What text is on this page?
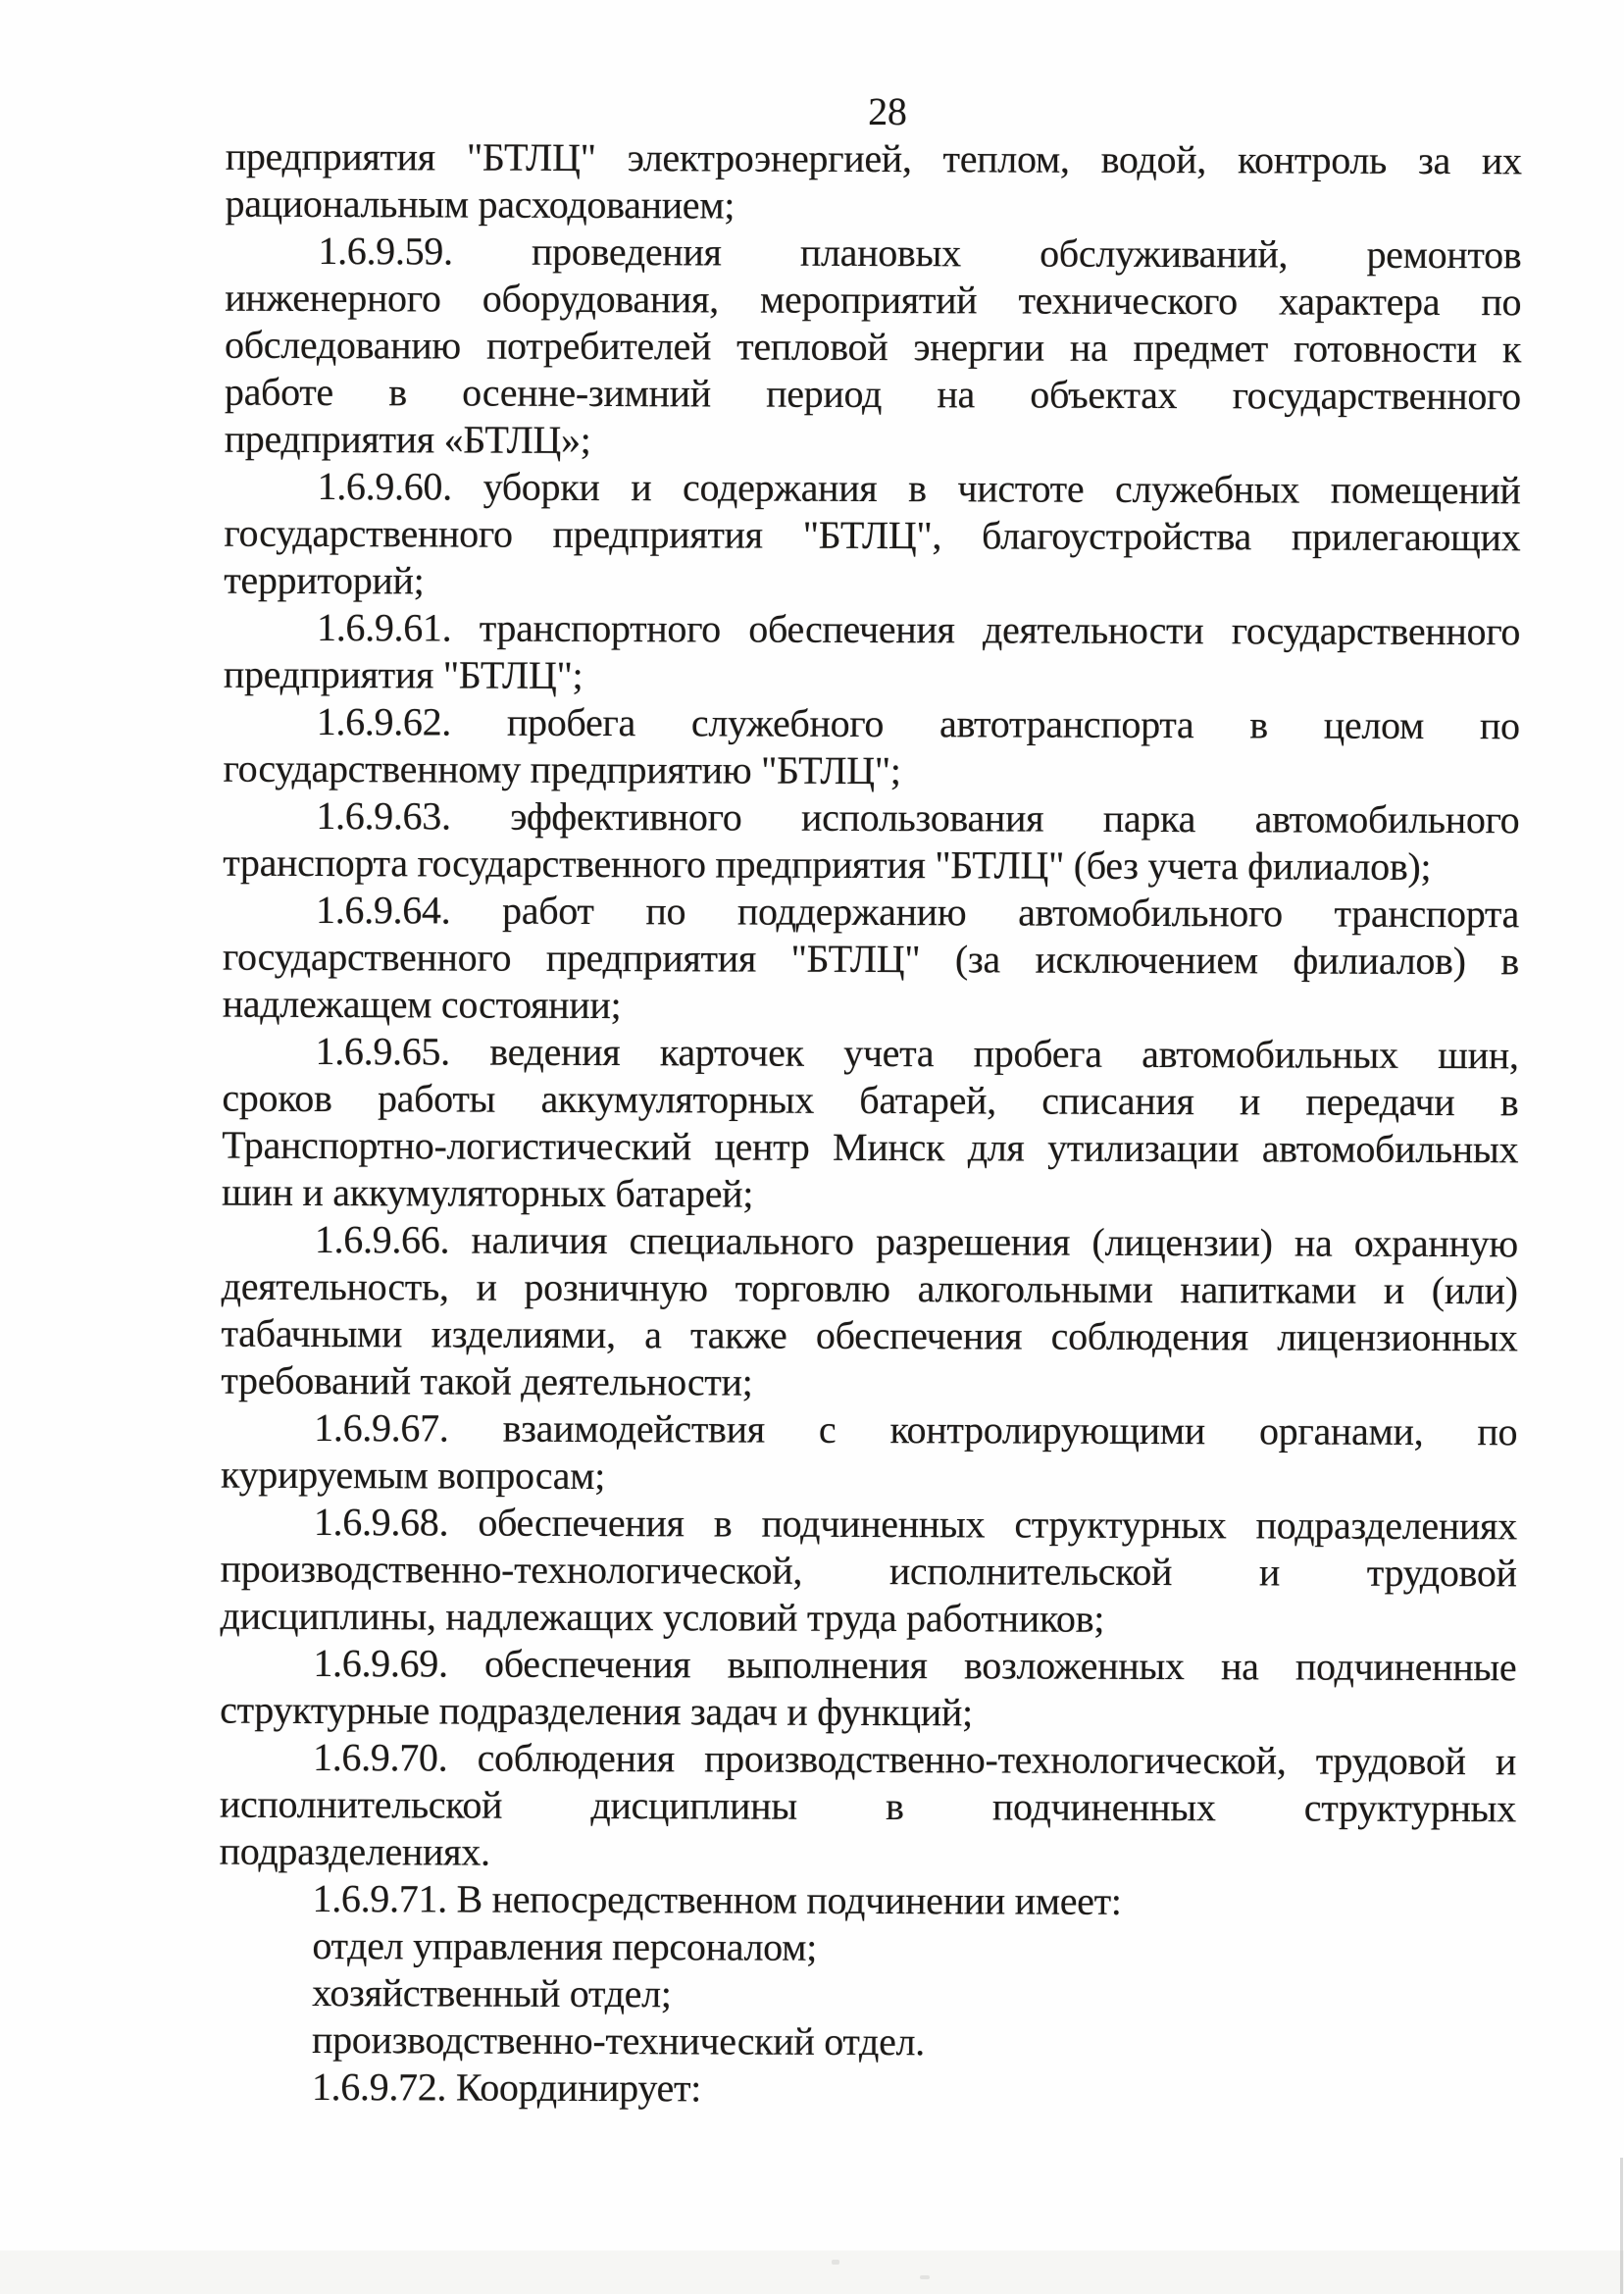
28

предприятия "БТЛЦ" электроэнергией, теплом, водой, контроль за их
рациональным расходованием;

1.6.9.59. проведения плановых обслуживаний, ремонтов
инженерного оборудования, мероприятий технического характера по
обследованию потребителей тепловой энергии на предмет готовности к
работе в осенне-зимний период на объектах государственного
предприятия «БТЛЦ»;

1.6.9.60. уборки и содержания в чистоте служебных помещений
государственного предприятия "БТЛЦ", благоустройства прилегающих
территорий;

1.6.9.61. транспортного обеспечения деятельности государственного
предприятия "БТЛЦ";

1.6.9.62. пробега служебного автотранспорта в целом по
государственному предприятию "БТЛЦ";

1.6.9.63. эффективного использования парка автомобильного
транспорта государственного предприятия "БТЛЦ" (без учета филиалов);

1.6.9.64. работ по поддержанию автомобильного транспорта
государственного предприятия "БТЛЦ" (за исключением филиалов) в
надлежащем состоянии;

1.6.9.65. ведения карточек учета пробега автомобильных шин,
сроков работы аккумуляторных батарей, списания и передачи в
Транспортно-логистический центр Минск для утилизации автомобильных
шин и аккумуляторных батарей;

1.6.9.66. наличия специального разрешения (лицензии) на охранную
деятельность, и розничную торговлю алкогольными напитками и (или)
табачными изделиями, а также обеспечения соблюдения лицензионных
требований такой деятельности;

1.6.9.67. взаимодействия с контролирующими органами, по
курируемым вопросам;

1.6.9.68. обеспечения в подчиненных структурных подразделениях
производственно-технологической, исполнительской и трудовой
дисциплины, надлежащих условий труда работников;

1.6.9.69. обеспечения выполнения возложенных на подчиненные
структурные подразделения задач и функций;

1.6.9.70. соблюдения производственно-технологической, трудовой и
исполнительской дисциплины в подчиненных структурных
подразделениях.

1.6.9.71. В непосредственном подчинении имеет:

отдел управления персоналом;

хозяйственный отдел;

производственно-технический отдел.

1.6.9.72. Координирует:
